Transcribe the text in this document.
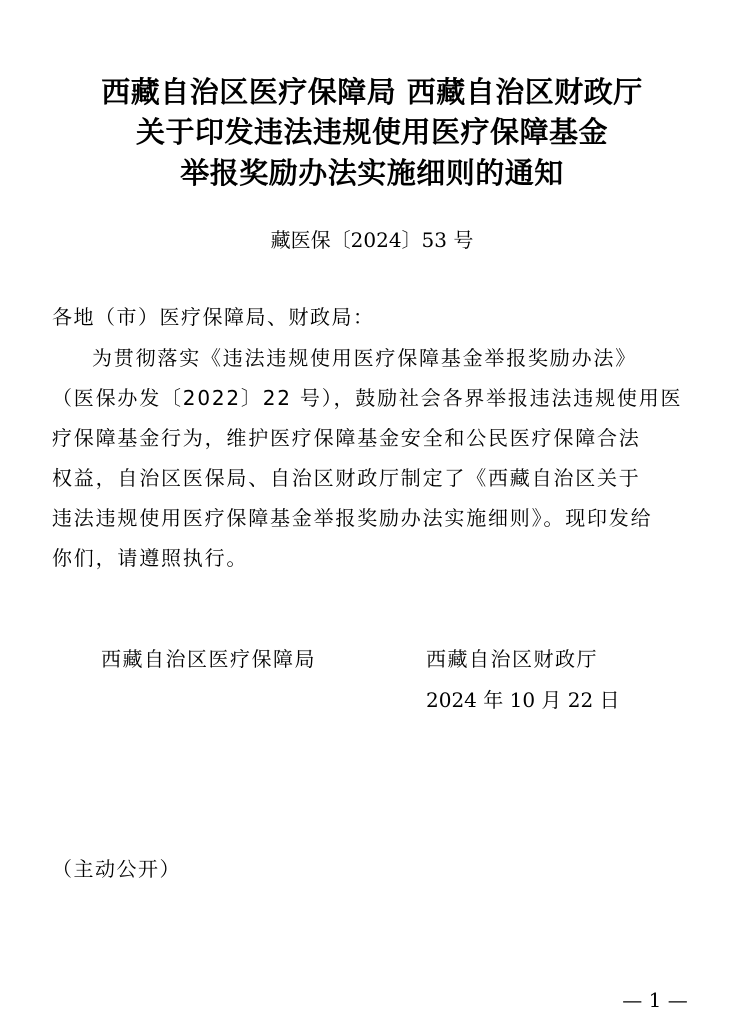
西藏自治区医疗保障局 西藏自治区财政厅
关于印发违法违规使用医疗保障基金
举报奖励办法实施细则的通知
藏医保〔2024〕53 号
各地（市）医疗保障局、财政局：
为贯彻落实《违法违规使用医疗保障基金举报奖励办法》
（医保办发〔2022〕22 号），鼓励社会各界举报违法违规使用医
疗保障基金行为，维护医疗保障基金安全和公民医疗保障合法
权益，自治区医保局、自治区财政厅制定了《西藏自治区关于
违法违规使用医疗保障基金举报奖励办法实施细则》。现印发给
你们，请遵照执行。
西藏自治区医疗保障局	西藏自治区财政厅
2024 年 10 月 22 日
（主动公开）
— 1 —
